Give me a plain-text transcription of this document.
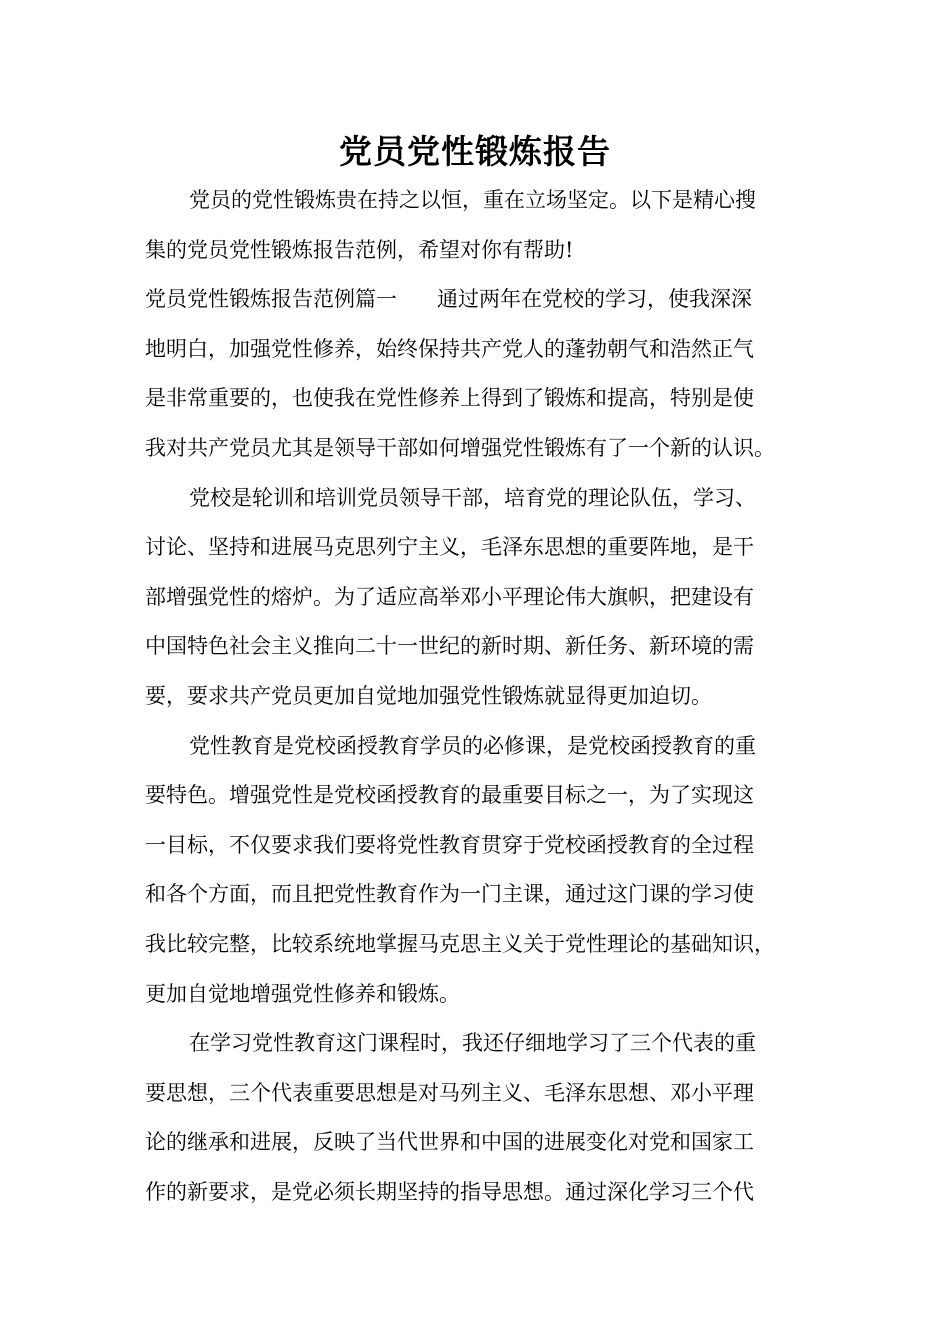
党员党性锻炼报告
党员的党性锻炼贵在持之以恒，重在立场坚定。以下是精心搜
集的党员党性锻炼报告范例，希望对你有帮助!
党员党性锻炼报告范例篇一 通过两年在党校的学习，使我深深
地明白，加强党性修养，始终保持共产党人的蓬勃朝气和浩然正气
是非常重要的，也使我在党性修养上得到了锻炼和提高，特别是使
我对共产党员尤其是领导干部如何增强党性锻炼有了一个新的认识。
党校是轮训和培训党员领导干部，培育党的理论队伍，学习、
讨论、坚持和进展马克思列宁主义，毛泽东思想的重要阵地，是干
部增强党性的熔炉。为了适应高举邓小平理论伟大旗帜，把建设有
中国特色社会主义推向二十一世纪的新时期、新任务、新环境的需
要，要求共产党员更加自觉地加强党性锻炼就显得更加迫切。
党性教育是党校函授教育学员的必修课，是党校函授教育的重
要特色。增强党性是党校函授教育的最重要目标之一，为了实现这
一目标，不仅要求我们要将党性教育贯穿于党校函授教育的全过程
和各个方面，而且把党性教育作为一门主课，通过这门课的学习使
我比较完整，比较系统地掌握马克思主义关于党性理论的基础知识，
更加自觉地增强党性修养和锻炼。
在学习党性教育这门课程时，我还仔细地学习了三个代表的重
要思想，三个代表重要思想是对马列主义、毛泽东思想、邓小平理
论的继承和进展，反映了当代世界和中国的进展变化对党和国家工
作的新要求，是党必须长期坚持的指导思想。通过深化学习三个代
